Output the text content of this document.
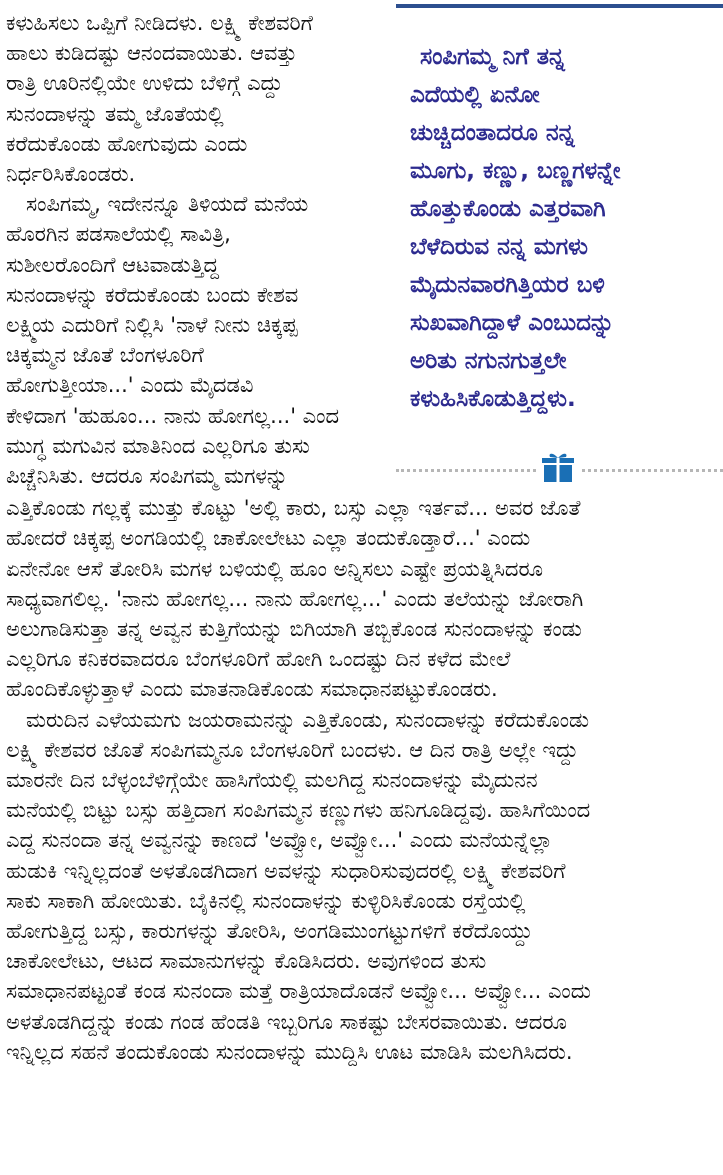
ಸಂಪಿಗಮ್ಮ ನಿಗೆ ತನ್ನ
ಎದೆಯಲ್ಲಿ ಏನೋ
ಚುಚ್ಚಿದಂತಾದರೂ ನನ್ನ
ಮೂಗು, ಕಣ್ಣು, ಬಣ್ಣಗಳನ್ನೇ
ಹೊತ್ತುಕೊಂಡು ಎತ್ತರವಾಗಿ
ಬೆಳೆದಿರುವ ನನ್ನ ಮಗಳು
ಮೈದುನವಾರಗಿತ್ತಿಯರ ಬಳಿ
ಸುಖವಾಗಿದ್ದಾಳೆ ಎಂಬುದನ್ನು
ಅರಿತು ನಗುನಗುತ್ತಲೇ
ಕಳುಹಿಸಿಕೊಡುತ್ತಿದ್ದಳು.
ಕಳುಹಿಸಲು ಒಪ್ಪಿಗೆ ನೀಡಿದಳು. ಲಕ್ಷ್ಮಿ ಕೇಶವರಿಗೆ
ಹಾಲು ಕುಡಿದಷ್ಟು ಆನಂದವಾಯಿತು. ಆವತ್ತು
ರಾತ್ರಿ ಊರಿನಲ್ಲಿಯೇ ಉಳಿದು ಬೆಳಿಗ್ಗೆ ಎದ್ದು
ಸುನಂದಾಳನ್ನು ತಮ್ಮ ಜೊತೆಯಲ್ಲಿ
ಕರೆದುಕೊಂಡು ಹೋಗುವುದು ಎಂದು
ನಿರ್ಧರಿಸಿಕೊಂಡರು.
ಸಂಪಿಗಮ್ಮ, ಇದೇನನ್ನೂ ತಿಳಿಯದೆ ಮನೆಯ
ಹೊರಗಿನ ಪಡಸಾಲೆಯಲ್ಲಿ ಸಾವಿತ್ರಿ,
ಸುಶೀಲರೊಂದಿಗೆ ಆಟವಾಡುತ್ತಿದ್ದ
ಸುನಂದಾಳನ್ನು ಕರೆದುಕೊಂಡು ಬಂದು ಕೇಶವ
ಲಕ್ಷ್ಮಿಯ ಎದುರಿಗೆ ನಿಲ್ಲಿಸಿ 'ನಾಳೆ ನೀನು ಚಿಕ್ಕಪ್ಪ
ಚಿಕ್ಕಮ್ಮನ ಜೊತೆ ಬೆಂಗಳೂರಿಗೆ
ಹೋಗುತ್ತೀಯಾ...' ಎಂದು ಮೈದಡವಿ
ಕೇಳಿದಾಗ 'ಹುಹೂಂ... ನಾನು ಹೋಗಲ್ಲ...' ಎಂದ
ಮುಗ್ಧ ಮಗುವಿನ ಮಾತಿನಿಂದ ಎಲ್ಲರಿಗೂ ತುಸು
ಪಿಚ್ಚೆನಿಸಿತು. ಆದರೂ ಸಂಪಿಗಮ್ಮ ಮಗಳನ್ನು
ಎತ್ತಿಕೊಂಡು ಗಲ್ಲಕ್ಕೆ ಮುತ್ತು ಕೊಟ್ಟು 'ಅಲ್ಲಿ ಕಾರು, ಬಸ್ಸು ಎಲ್ಲಾ ಇರ್ತವೆ... ಅವರ ಜೊತೆ
ಹೋದರೆ ಚಿಕ್ಕಪ್ಪ ಅಂಗಡಿಯಲ್ಲಿ ಚಾಕೋಲೇಟು ಎಲ್ಲಾ ತಂದುಕೊಡ್ತಾರೆ...' ಎಂದು
ಏನೇನೋ ಆಸೆ ತೋರಿಸಿ ಮಗಳ ಬಳಿಯಲ್ಲಿ ಹೂಂ ಅನ್ನಿಸಲು ಎಷ್ಟೇ ಪ್ರಯತ್ನಿಸಿದರೂ
ಸಾಧ್ಯವಾಗಲಿಲ್ಲ. 'ನಾನು ಹೋಗಲ್ಲ... ನಾನು ಹೋಗಲ್ಲ...' ಎಂದು ತಲೆಯನ್ನು ಜೋರಾಗಿ
ಅಲುಗಾಡಿಸುತ್ತಾ ತನ್ನ ಅವ್ವನ ಕುತ್ತಿಗೆಯನ್ನು ಬಿಗಿಯಾಗಿ ತಬ್ಬಿಕೊಂಡ ಸುನಂದಾಳನ್ನು ಕಂಡು
ಎಲ್ಲರಿಗೂ ಕನಿಕರವಾದರೂ ಬೆಂಗಳೂರಿಗೆ ಹೋಗಿ ಒಂದಷ್ಟು ದಿನ ಕಳೆದ ಮೇಲೆ
ಹೊಂದಿಕೊಳ್ಳುತ್ತಾಳೆ ಎಂದು ಮಾತನಾಡಿಕೊಂಡು ಸಮಾಧಾನಪಟ್ಟುಕೊಂಡರು.
ಮರುದಿನ ಎಳೆಯಮಗು ಜಯರಾಮನನ್ನು ಎತ್ತಿಕೊಂಡು, ಸುನಂದಾಳನ್ನು ಕರೆದುಕೊಂಡು
ಲಕ್ಷ್ಮಿ ಕೇಶವರ ಜೊತೆ ಸಂಪಿಗಮ್ಮನೂ ಬೆಂಗಳೂರಿಗೆ ಬಂದಳು. ಆ ದಿನ ರಾತ್ರಿ ಅಲ್ಲೇ ಇದ್ದು
ಮಾರನೇ ದಿನ ಬೆಳ್ಳಂಬೆಳಿಗ್ಗೆಯೇ ಹಾಸಿಗೆಯಲ್ಲಿ ಮಲಗಿದ್ದ ಸುನಂದಾಳನ್ನು ಮೈದುನನ
ಮನೆಯಲ್ಲಿ ಬಿಟ್ಟು ಬಸ್ಸು ಹತ್ತಿದಾಗ ಸಂಪಿಗಮ್ಮನ ಕಣ್ಣುಗಳು ಹನಿಗೂಡಿದ್ದವು. ಹಾಸಿಗೆಯಿಂದ
ಎದ್ದ ಸುನಂದಾ ತನ್ನ ಅವ್ವನನ್ನು ಕಾಣದೆ 'ಅವ್ವೋ, ಅವ್ವೋ...' ಎಂದು ಮನೆಯನ್ನೆಲ್ಲಾ
ಹುಡುಕಿ ಇನ್ನಿಲ್ಲದಂತೆ ಅಳತೊಡಗಿದಾಗ ಅವಳನ್ನು ಸುಧಾರಿಸುವುದರಲ್ಲಿ ಲಕ್ಷ್ಮಿ ಕೇಶವರಿಗೆ
ಸಾಕು ಸಾಕಾಗಿ ಹೋಯಿತು. ಬೈಕಿನಲ್ಲಿ ಸುನಂದಾಳನ್ನು ಕುಳ್ಳಿರಿಸಿಕೊಂಡು ರಸ್ತೆಯಲ್ಲಿ
ಹೋಗುತ್ತಿದ್ದ ಬಸ್ಸು, ಕಾರುಗಳನ್ನು ತೋರಿಸಿ, ಅಂಗಡಿಮುಂಗಟ್ಟುಗಳಿಗೆ ಕರೆದೊಯ್ದು
ಚಾಕೋಲೇಟು, ಆಟದ ಸಾಮಾನುಗಳನ್ನು ಕೊಡಿಸಿದರು. ಅವುಗಳಿಂದ ತುಸು
ಸಮಾಧಾನಪಟ್ಟಂತೆ ಕಂಡ ಸುನಂದಾ ಮತ್ತೆ ರಾತ್ರಿಯಾದೊಡನೆ ಅವ್ವೋ... ಅವ್ವೋ... ಎಂದು
ಅಳತೊಡಗಿದ್ದನ್ನು ಕಂಡು ಗಂಡ ಹೆಂಡತಿ ಇಬ್ಬರಿಗೂ ಸಾಕಷ್ಟು ಬೇಸರವಾಯಿತು. ಆದರೂ
ಇನ್ನಿಲ್ಲದ ಸಹನೆ ತಂದುಕೊಂಡು ಸುನಂದಾಳನ್ನು ಮುದ್ದಿಸಿ ಊಟ ಮಾಡಿಸಿ ಮಲಗಿಸಿದರು.
